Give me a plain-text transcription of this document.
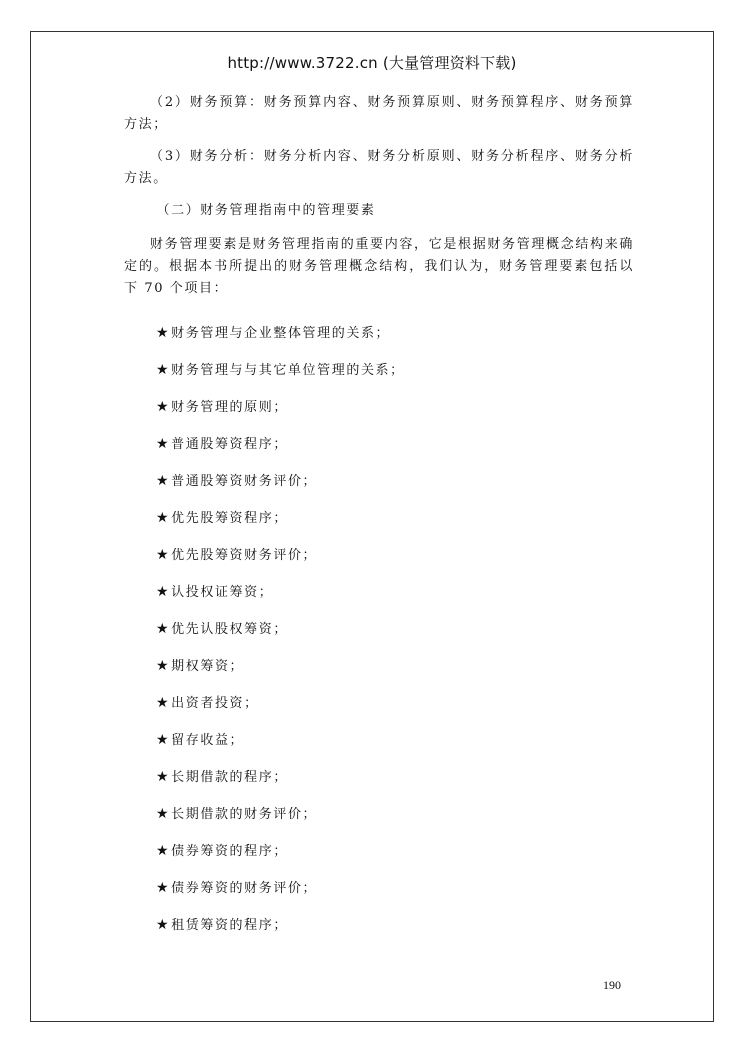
http://www.3722.cn (大量管理资料下载)

（2）财务预算：财务预算内容、财务预算原则、财务预算程序、财务预算方法；

（3）财务分析：财务分析内容、财务分析原则、财务分析程序、财务分析方法。

（二）财务管理指南中的管理要素

财务管理要素是财务管理指南的重要内容，它是根据财务管理概念结构来确定的。根据本书所提出的财务管理概念结构，我们认为，财务管理要素包括以下 70 个项目：

★财务管理与企业整体管理的关系；
★财务管理与与其它单位管理的关系；
★财务管理的原则；
★普通股筹资程序；
★普通股筹资财务评价；
★优先股筹资程序；
★优先股筹资财务评价；
★认投权证筹资；
★优先认股权筹资；
★期权筹资；
★出资者投资；
★留存收益；
★长期借款的程序；
★长期借款的财务评价；
★债券筹资的程序；
★债券筹资的财务评价；
★租赁筹资的程序；
190
